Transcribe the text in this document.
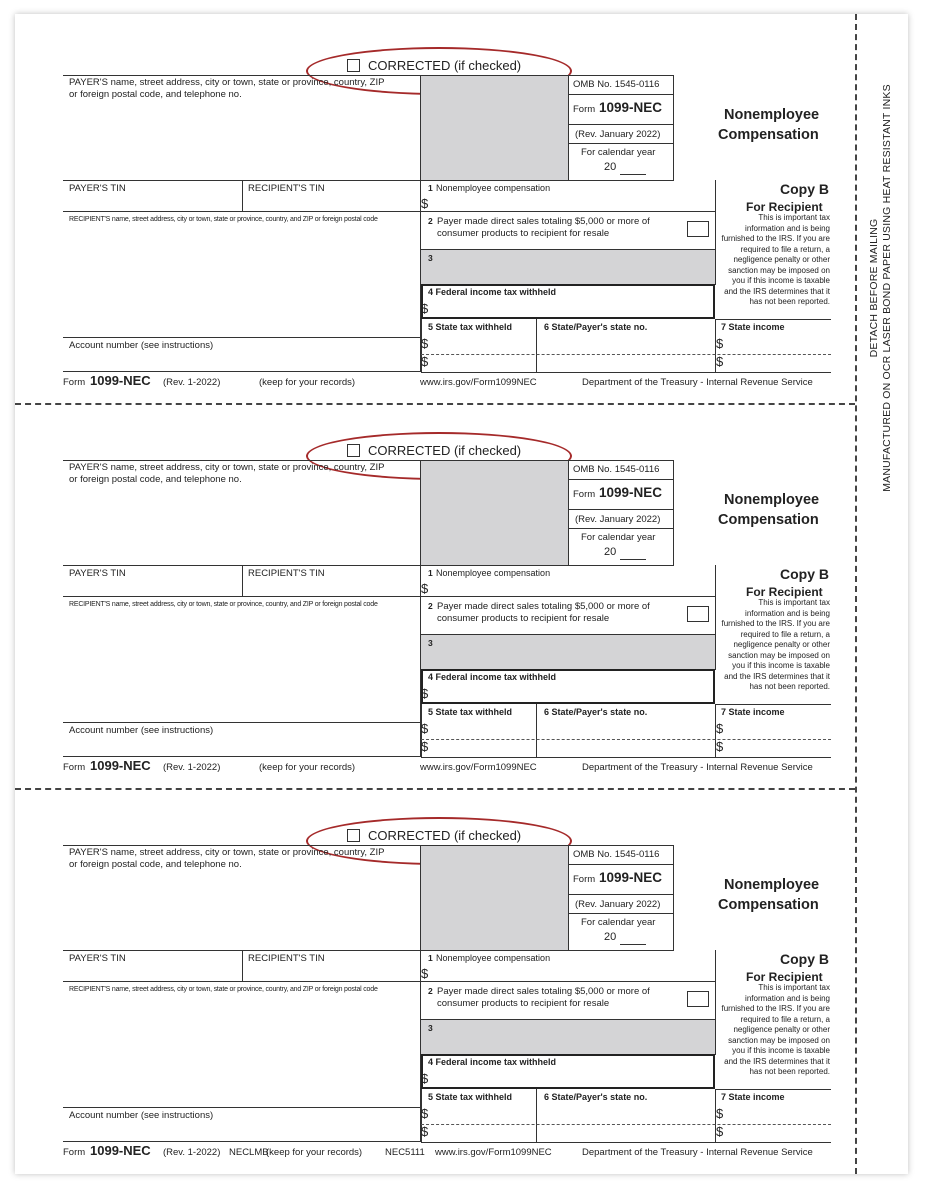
DETACH BEFORE MAILING MANUFACTURED ON OCR LASER BOND PAPER USING HEAT RESISTANT INKS
CORRECTED (if checked)
PAYER'S name, street address, city or town, state or province, country, ZIP
or foreign postal code, and telephone no.
OMB No. 1545-0116
Form 1099-NEC
(Rev. January 2022)
For calendar year
20
Nonemployee
Compensation
PAYER'S TIN	RECIPIENT'S TIN	1 Nonemployee compensation
$
RECIPIENT'S name, street address, city or town, state or province, country, and ZIP or foreign postal code
Account number (see instructions)
2 Payer made direct sales totaling $5,000 or more of
consumer products to recipient for resale
3
4 Federal income tax withheld
$
Copy B
For Recipient
This is important tax
information and is being
furnished to the IRS. If you are
required to file a return, a
negligence penalty or other
sanction may be imposed on
you if this income is taxable
and the IRS determines that it
has not been reported.
5 State tax withheld	6 State/Payer's state no.	7 State income
$
$
$
$
Form 1099-NEC (Rev. 1-2022)	(keep for your records)	www.irs.gov/Form1099NEC	Department of the Treasury - Internal Revenue Service
CORRECTED (if checked)
PAYER'S name, street address, city or town, state or province, country, ZIP
or foreign postal code, and telephone no.
OMB No. 1545-0116
Form 1099-NEC
(Rev. January 2022)
For calendar year
20
Nonemployee
Compensation
PAYER'S TIN	RECIPIENT'S TIN	1 Nonemployee compensation
$
RECIPIENT'S name, street address, city or town, state or province, country, and ZIP or foreign postal code
Account number (see instructions)
2 Payer made direct sales totaling $5,000 or more of
consumer products to recipient for resale
3
4 Federal income tax withheld
$
Copy B
For Recipient
This is important tax
information and is being
furnished to the IRS. If you are
required to file a return, a
negligence penalty or other
sanction may be imposed on
you if this income is taxable
and the IRS determines that it
has not been reported.
5 State tax withheld	6 State/Payer's state no.	7 State income
$
$
$
$
Form 1099-NEC (Rev. 1-2022)	(keep for your records)	www.irs.gov/Form1099NEC	Department of the Treasury - Internal Revenue Service
CORRECTED (if checked)
PAYER'S name, street address, city or town, state or province, country, ZIP
or foreign postal code, and telephone no.
OMB No. 1545-0116
Form 1099-NEC
(Rev. January 2022)
For calendar year
20
Nonemployee
Compensation
PAYER'S TIN	RECIPIENT'S TIN	1 Nonemployee compensation
$
RECIPIENT'S name, street address, city or town, state or province, country, and ZIP or foreign postal code
Account number (see instructions)
2 Payer made direct sales totaling $5,000 or more of
consumer products to recipient for resale
3
4 Federal income tax withheld
$
Copy B
For Recipient
This is important tax
information and is being
furnished to the IRS. If you are
required to file a return, a
negligence penalty or other
sanction may be imposed on
you if this income is taxable
and the IRS determines that it
has not been reported.
5 State tax withheld	6 State/Payer's state no.	7 State income
$
$
$
$
Form 1099-NEC (Rev. 1-2022) NECLMB
(keep for your records) NEC5111 www.irs.gov/Form1099NEC	Department of the Treasury - Internal Revenue Service
